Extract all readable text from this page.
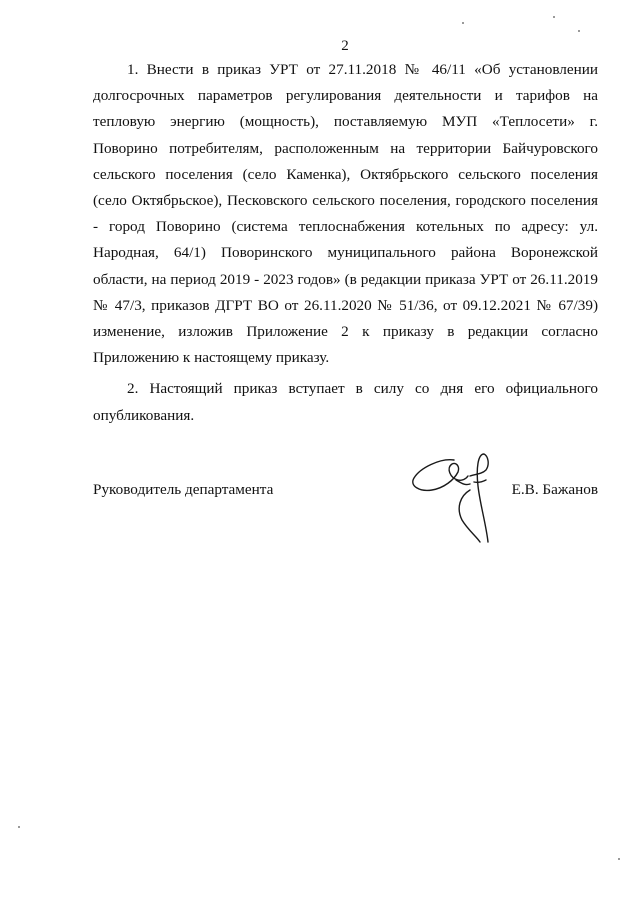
2

1. Внести в приказ УРТ от 27.11.2018 № 46/11 «Об установлении долгосрочных параметров регулирования деятельности и тарифов на тепловую энергию (мощность), поставляемую МУП «Теплосети» г. Поворино потребителям, расположенным на территории Байчуровского сельского поселения (село Каменка), Октябрьского сельского поселения (село Октябрьское), Песковского сельского поселения, городского поселения - город Поворино (система теплоснабжения котельных по адресу: ул. Народная, 64/1) Поворинского муниципального района Воронежской области, на период 2019 - 2023 годов» (в редакции приказа УРТ от 26.11.2019 № 47/3, приказов ДГРТ ВО от 26.11.2020 № 51/36, от 09.12.2021 № 67/39) изменение, изложив Приложение 2 к приказу в редакции согласно Приложению к настоящему приказу.

2. Настоящий приказ вступает в силу со дня его официального опубликования.

Руководитель департамента	Е.В. Бажанов
